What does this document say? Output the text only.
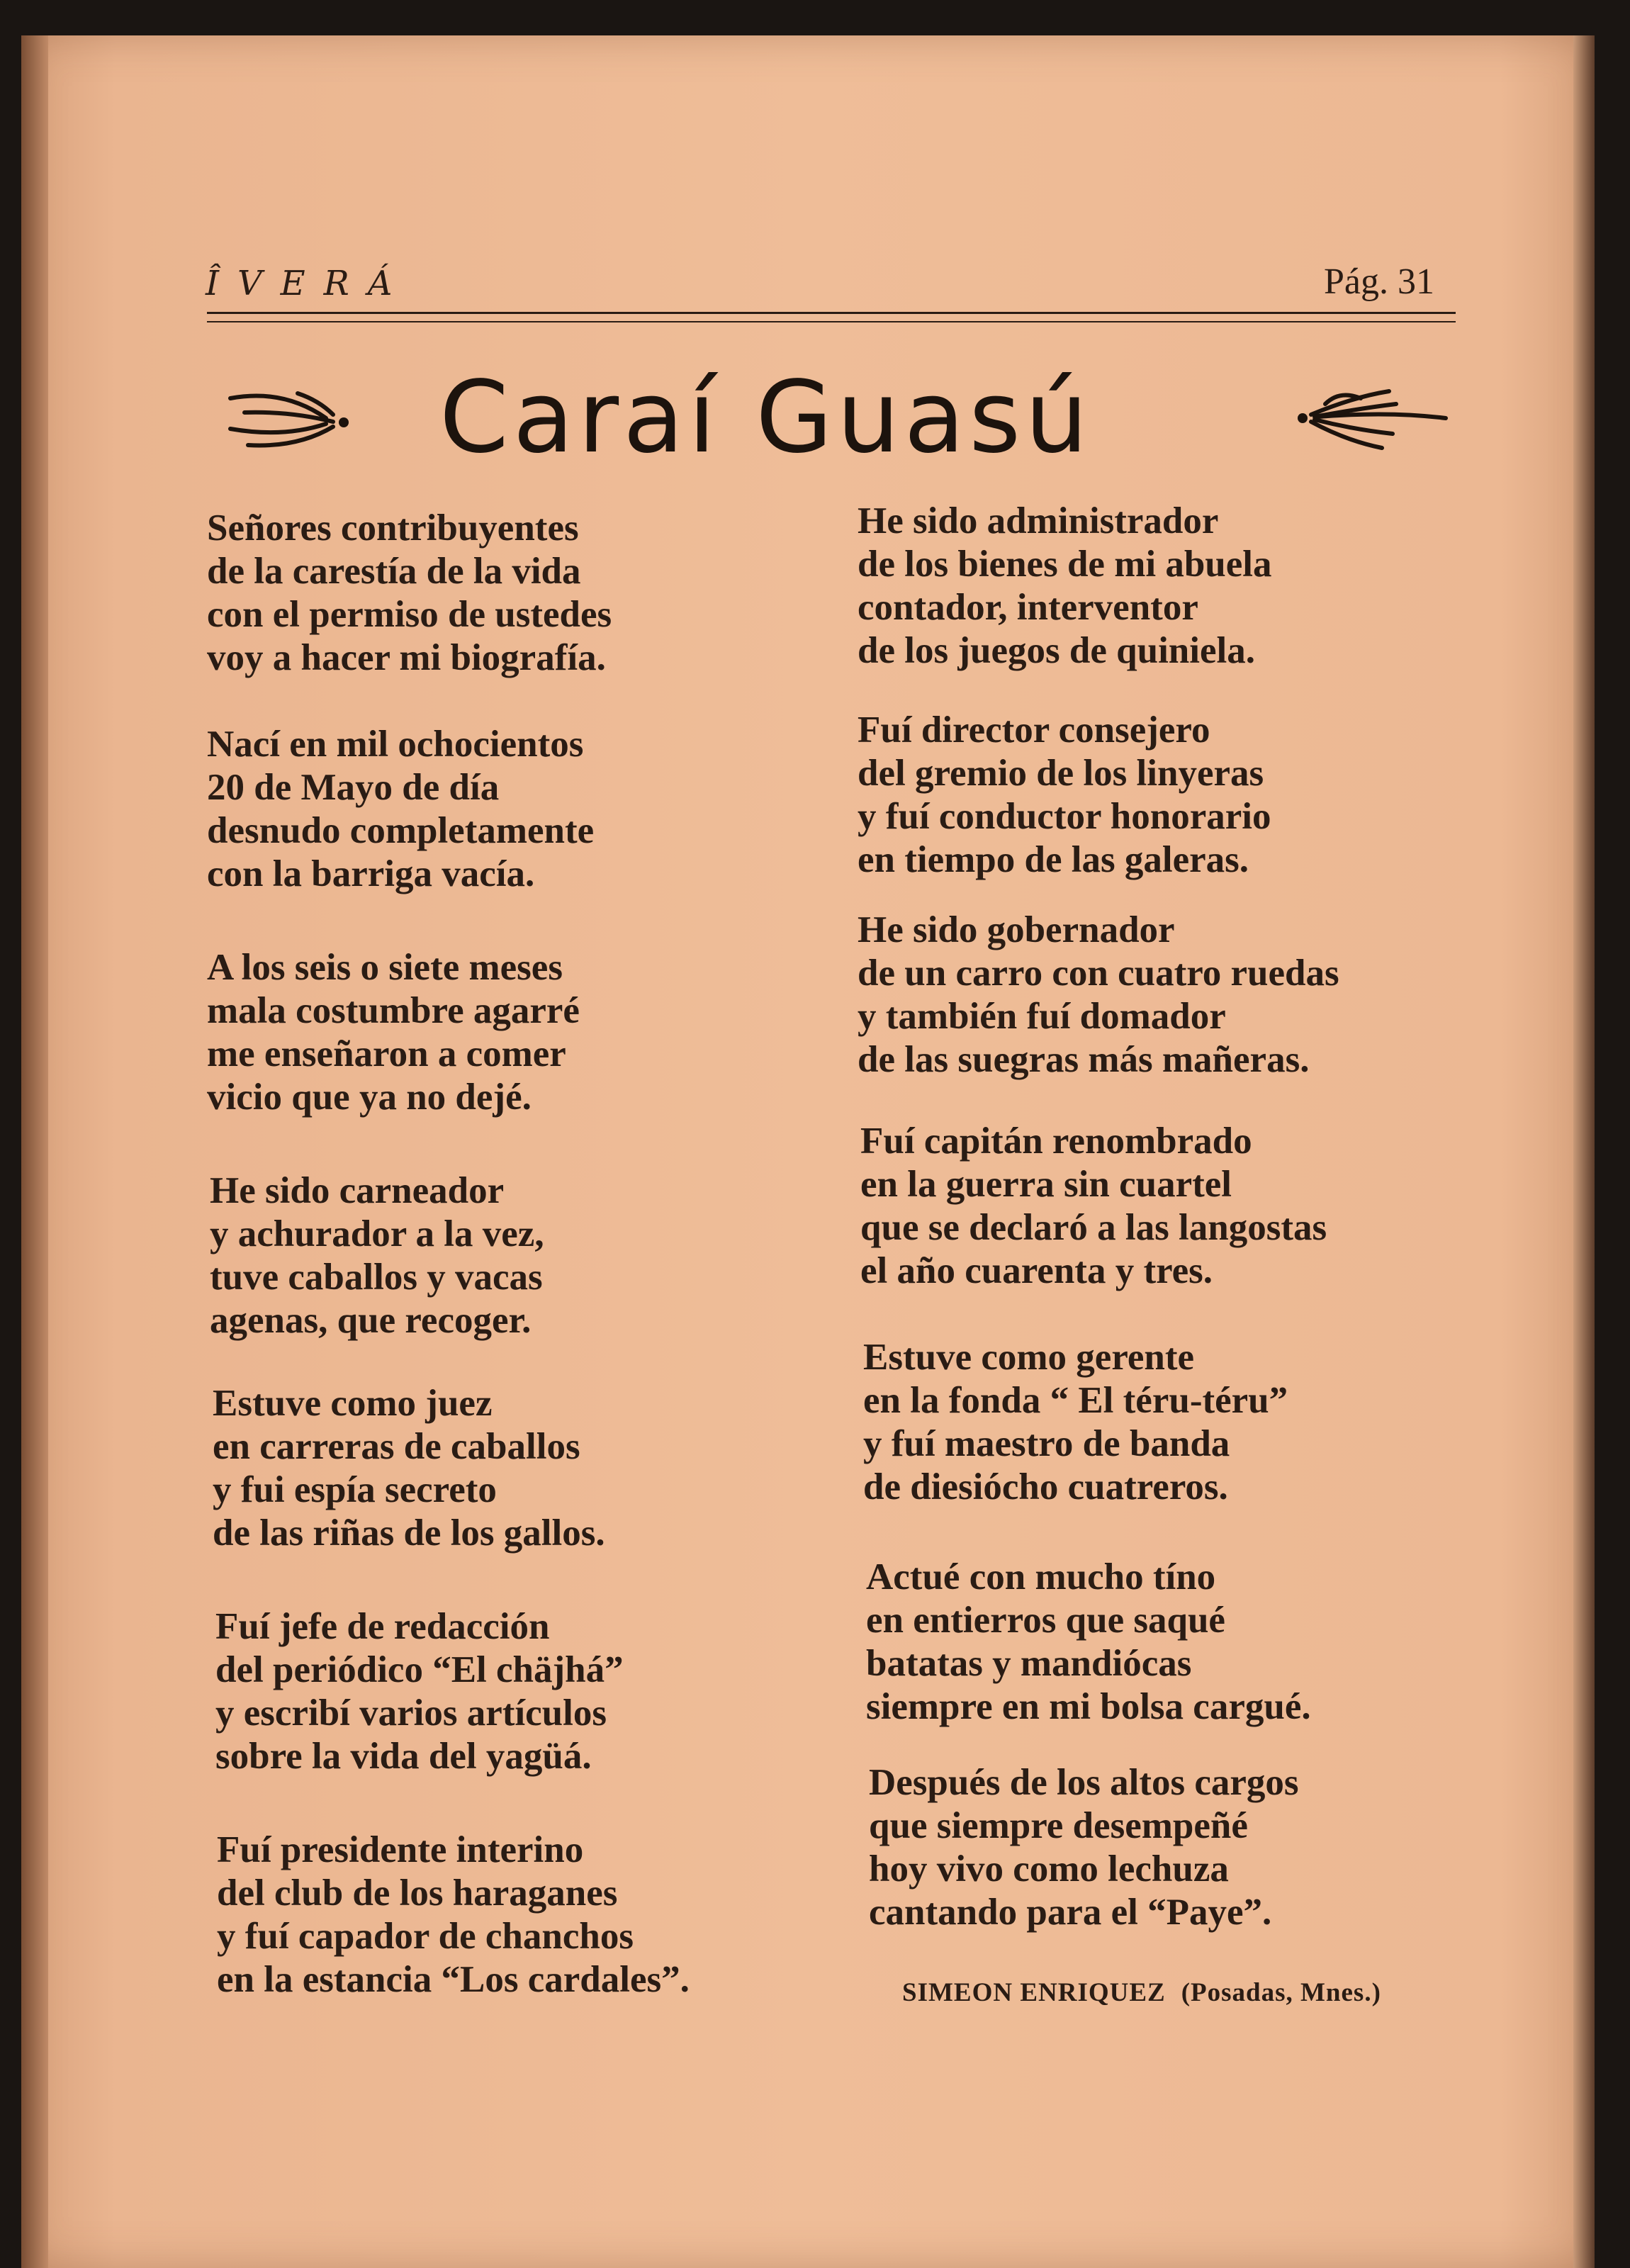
ÎVERÁ	Pág. 31
Caraí Guasú
Señores contribuyentes
de la carestía de la vida
con el permiso de ustedes
voy a hacer mi biografía.
Nací en mil ochocientos
20 de Mayo de día
desnudo completamente
con la barriga vacía.
A los seis o siete meses
mala costumbre agarré
me enseñaron a comer
vicio que ya no dejé.
He sido carneador
y achurador a la vez,
tuve caballos y vacas
agenas, que recoger.
Estuve como juez
en carreras de caballos
y fui espía secreto
de las riñas de los gallos.
Fuí jefe de redacción
del periódico “El chäjhá”
y escribí varios artículos
sobre la vida del yagüá.
Fuí presidente interino
del club de los haraganes
y fuí capador de chanchos
en la estancia “Los cardales”.
He sido administrador
de los bienes de mi abuela
contador, interventor
de los juegos de quiniela.
Fuí director consejero
del gremio de los linyeras
y fuí conductor honorario
en tiempo de las galeras.
He sido gobernador
de un carro con cuatro ruedas
y también fuí domador
de las suegras más mañeras.
Fuí capitán renombrado
en la guerra sin cuartel
que se declaró a las langostas
el año cuarenta y tres.
Estuve como gerente
en la fonda “ El téru-téru”
y fuí maestro de banda
de diesiócho cuatreros.
Actué con mucho tíno
en entierros que saqué
batatas y mandiócas
siempre en mi bolsa cargué.
Después de los altos cargos
que siempre desempeñé
hoy vivo como lechuza
cantando para el “Paye”.
SIMEON ENRIQUEZ (Posadas, Mnes.)
